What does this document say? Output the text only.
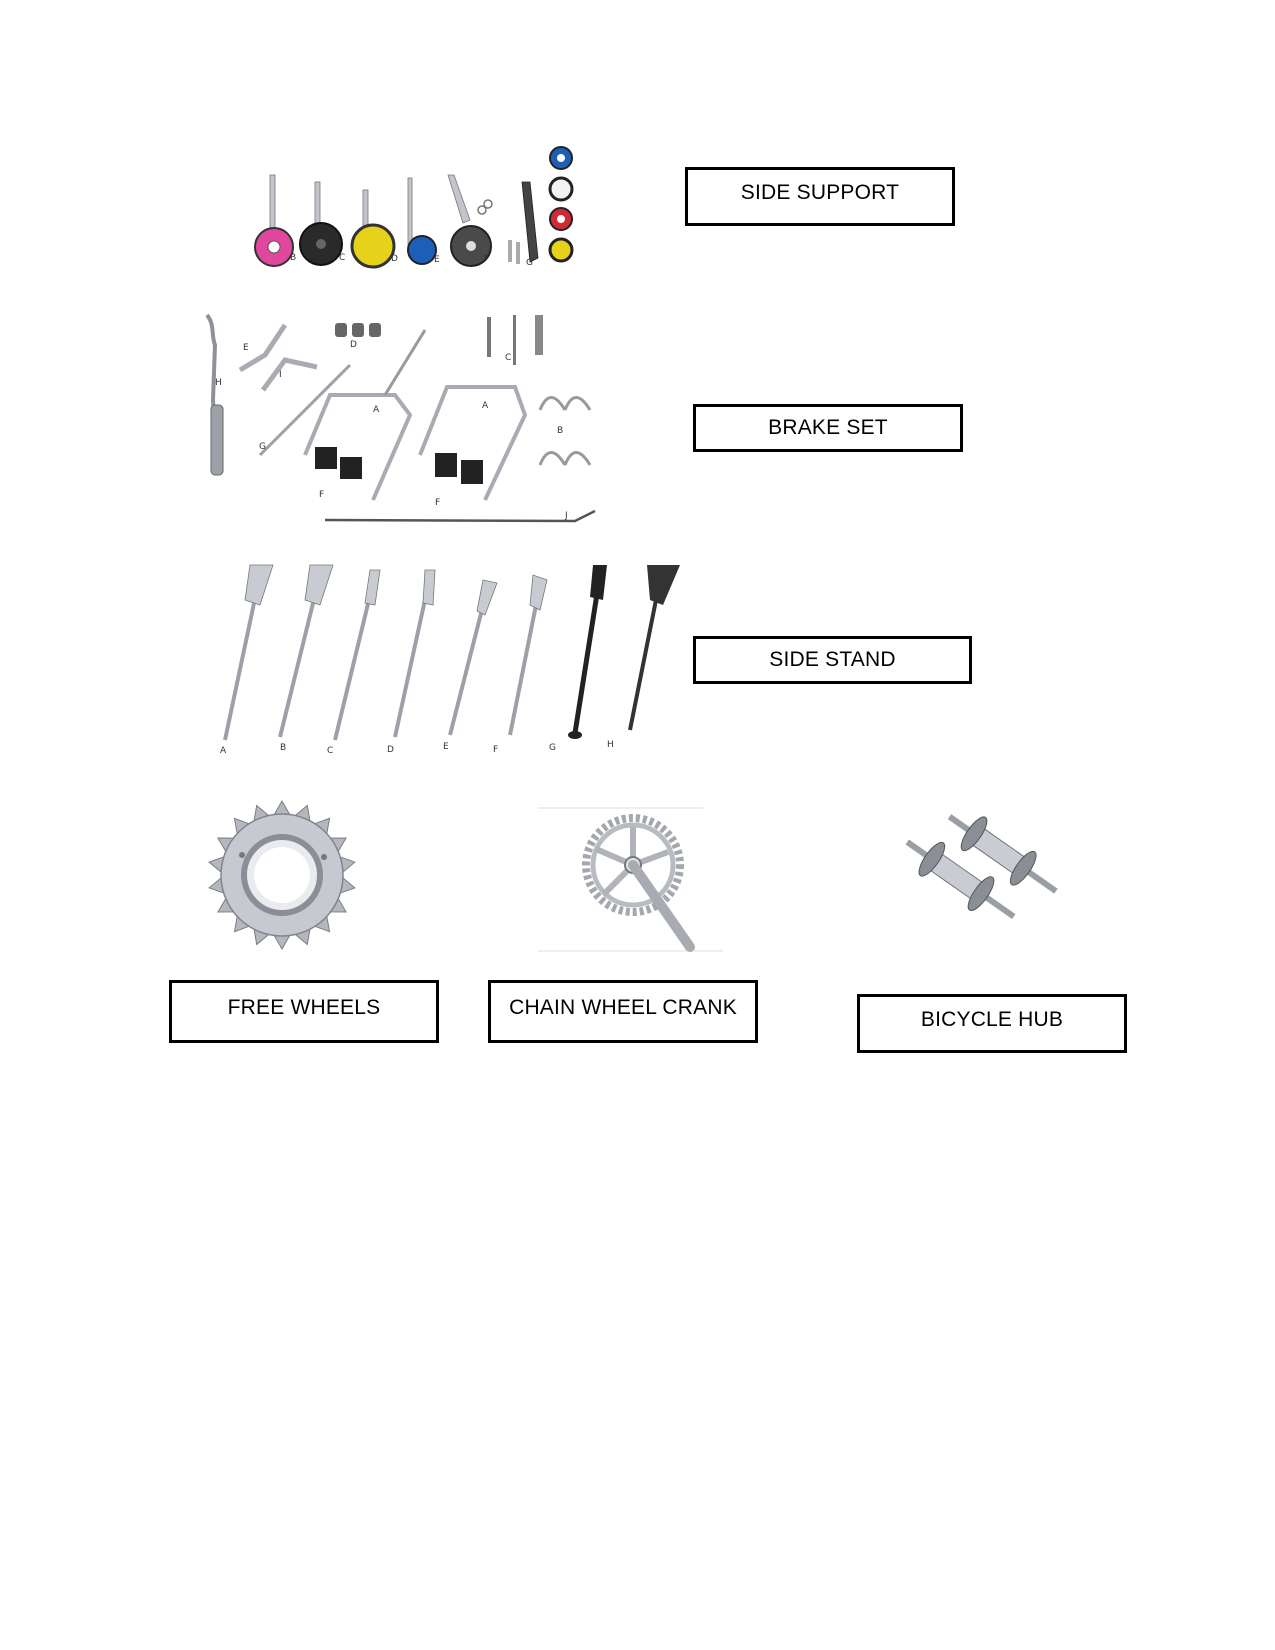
B	C	D	E	F	G
SIDE SUPPORT
A	A
B
C
D
E
F
F
G
H
I
J
BRAKE SET
A	B	C	D	E	F	G	H
SIDE STAND
FREE WHEELS	CHAIN WHEEL CRANK
BICYCLE HUB
